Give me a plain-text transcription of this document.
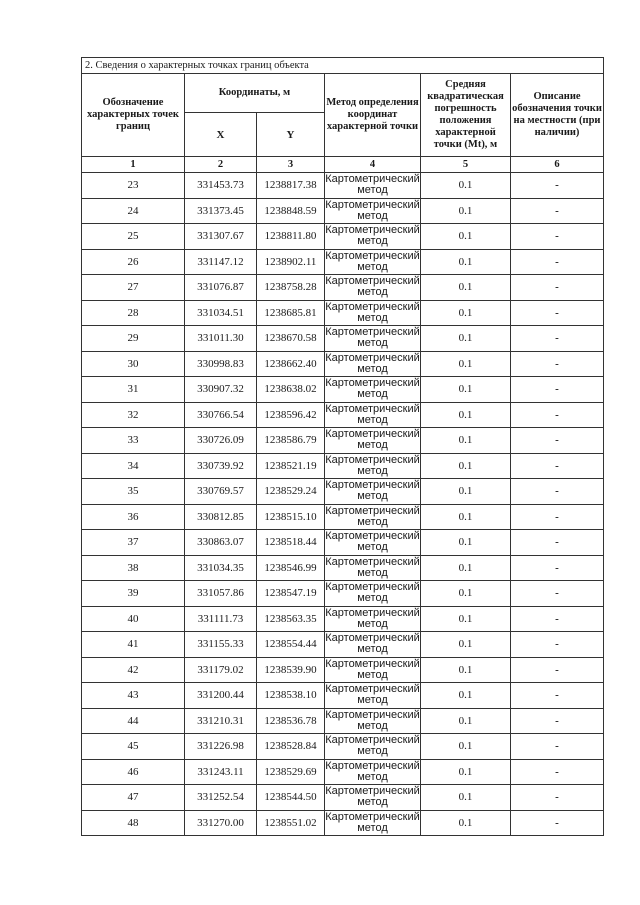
2. Сведения о характерных точках границ объекта					
Обозначение характерных точек границ	Координаты, м		Метод определения координат характерной точки	Средняя квадратическая погрешность положения характерной точки (Mt), м	Описание обозначения точки на местности (при наличии)
	X	Y			
1	2	3	4	5	6
23	331453.73	1238817.38	Картометрический метод	0.1	-
24	331373.45	1238848.59	Картометрический метод	0.1	-
25	331307.67	1238811.80	Картометрический метод	0.1	-
26	331147.12	1238902.11	Картометрический метод	0.1	-
27	331076.87	1238758.28	Картометрический метод	0.1	-
28	331034.51	1238685.81	Картометрический метод	0.1	-
29	331011.30	1238670.58	Картометрический метод	0.1	-
30	330998.83	1238662.40	Картометрический метод	0.1	-
31	330907.32	1238638.02	Картометрический метод	0.1	-
32	330766.54	1238596.42	Картометрический метод	0.1	-
33	330726.09	1238586.79	Картометрический метод	0.1	-
34	330739.92	1238521.19	Картометрический метод	0.1	-
35	330769.57	1238529.24	Картометрический метод	0.1	-
36	330812.85	1238515.10	Картометрический метод	0.1	-
37	330863.07	1238518.44	Картометрический метод	0.1	-
38	331034.35	1238546.99	Картометрический метод	0.1	-
39	331057.86	1238547.19	Картометрический метод	0.1	-
40	331111.73	1238563.35	Картометрический метод	0.1	-
41	331155.33	1238554.44	Картометрический метод	0.1	-
42	331179.02	1238539.90	Картометрический метод	0.1	-
43	331200.44	1238538.10	Картометрический метод	0.1	-
44	331210.31	1238536.78	Картометрический метод	0.1	-
45	331226.98	1238528.84	Картометрический метод	0.1	-
46	331243.11	1238529.69	Картометрический метод	0.1	-
47	331252.54	1238544.50	Картометрический метод	0.1	-
48	331270.00	1238551.02	Картометрический метод	0.1	-
